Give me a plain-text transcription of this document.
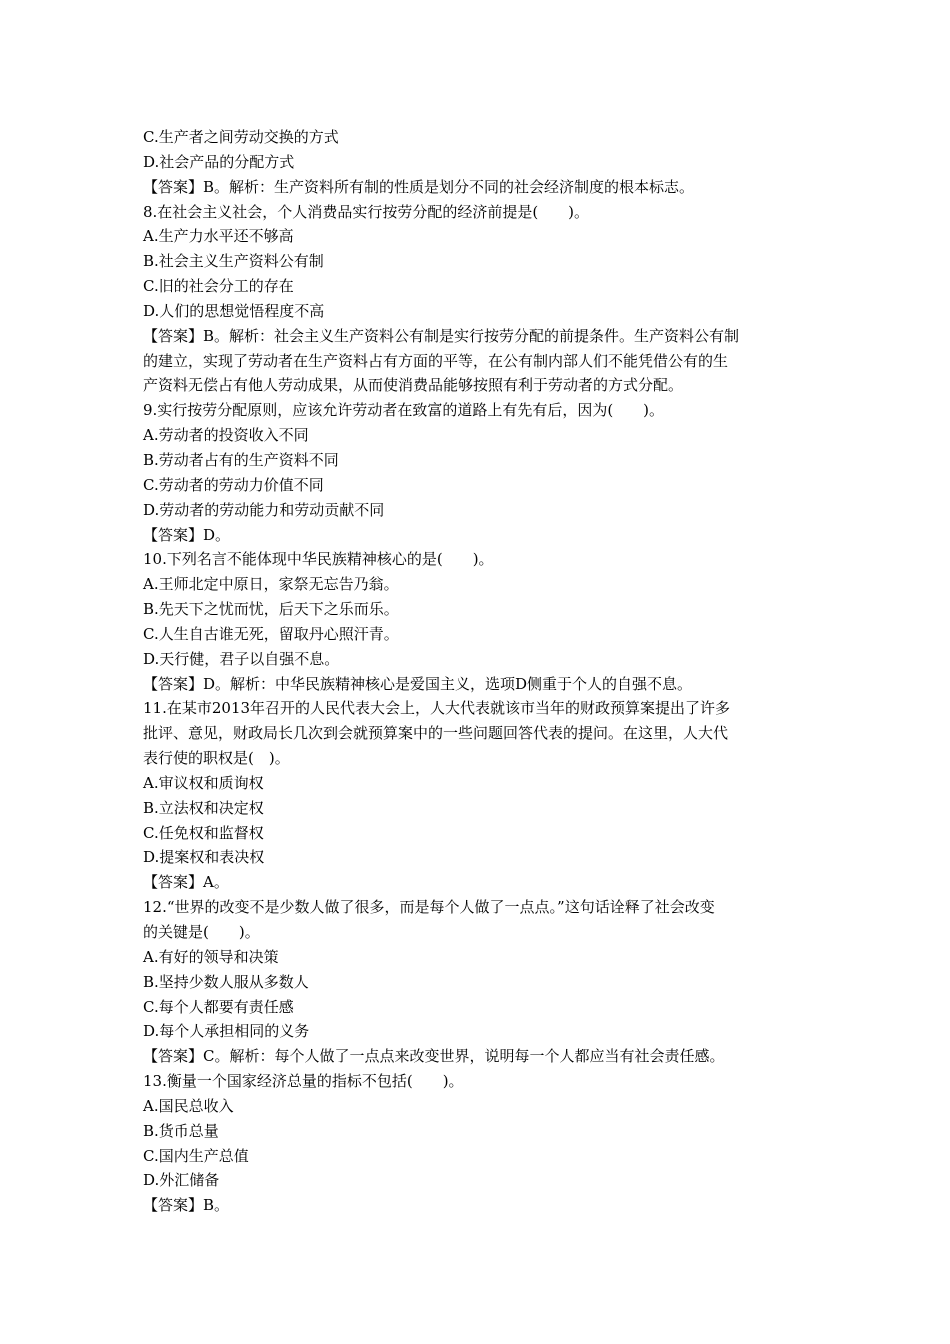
C.生产者之间劳动交换的方式
D.社会产品的分配方式
【答案】B。解析：生产资料所有制的性质是划分不同的社会经济制度的根本标志。
8.在社会主义社会，个人消费品实行按劳分配的经济前提是(　　)。
A.生产力水平还不够高
B.社会主义生产资料公有制
C.旧的社会分工的存在
D.人们的思想觉悟程度不高
【答案】B。解析：社会主义生产资料公有制是实行按劳分配的前提条件。生产资料公有制
的建立，实现了劳动者在生产资料占有方面的平等，在公有制内部人们不能凭借公有的生
产资料无偿占有他人劳动成果，从而使消费品能够按照有利于劳动者的方式分配。
9.实行按劳分配原则，应该允许劳动者在致富的道路上有先有后，因为(　　)。
A.劳动者的投资收入不同
B.劳动者占有的生产资料不同
C.劳动者的劳动力价值不同
D.劳动者的劳动能力和劳动贡献不同
【答案】D。
10.下列名言不能体现中华民族精神核心的是(　　)。
A.王师北定中原日，家祭无忘告乃翁。
B.先天下之忧而忧，后天下之乐而乐。
C.人生自古谁无死，留取丹心照汗青。
D.天行健，君子以自强不息。
【答案】D。解析：中华民族精神核心是爱国主义，选项D侧重于个人的自强不息。
11.在某市2013年召开的人民代表大会上，人大代表就该市当年的财政预算案提出了许多
批评、意见，财政局长几次到会就预算案中的一些问题回答代表的提问。在这里，人大代
表行使的职权是(　)。
A.审议权和质询权
B.立法权和决定权
C.任免权和监督权
D.提案权和表决权
【答案】A。
12.“世界的改变不是少数人做了很多，而是每个人做了一点点。”这句话诠释了社会改变
的关键是(　　)。
A.有好的领导和决策
B.坚持少数人服从多数人
C.每个人都要有责任感
D.每个人承担相同的义务
【答案】C。解析：每个人做了一点点来改变世界，说明每一个人都应当有社会责任感。
13.衡量一个国家经济总量的指标不包括(　　)。
A.国民总收入
B.货币总量
C.国内生产总值
D.外汇储备
【答案】B。
